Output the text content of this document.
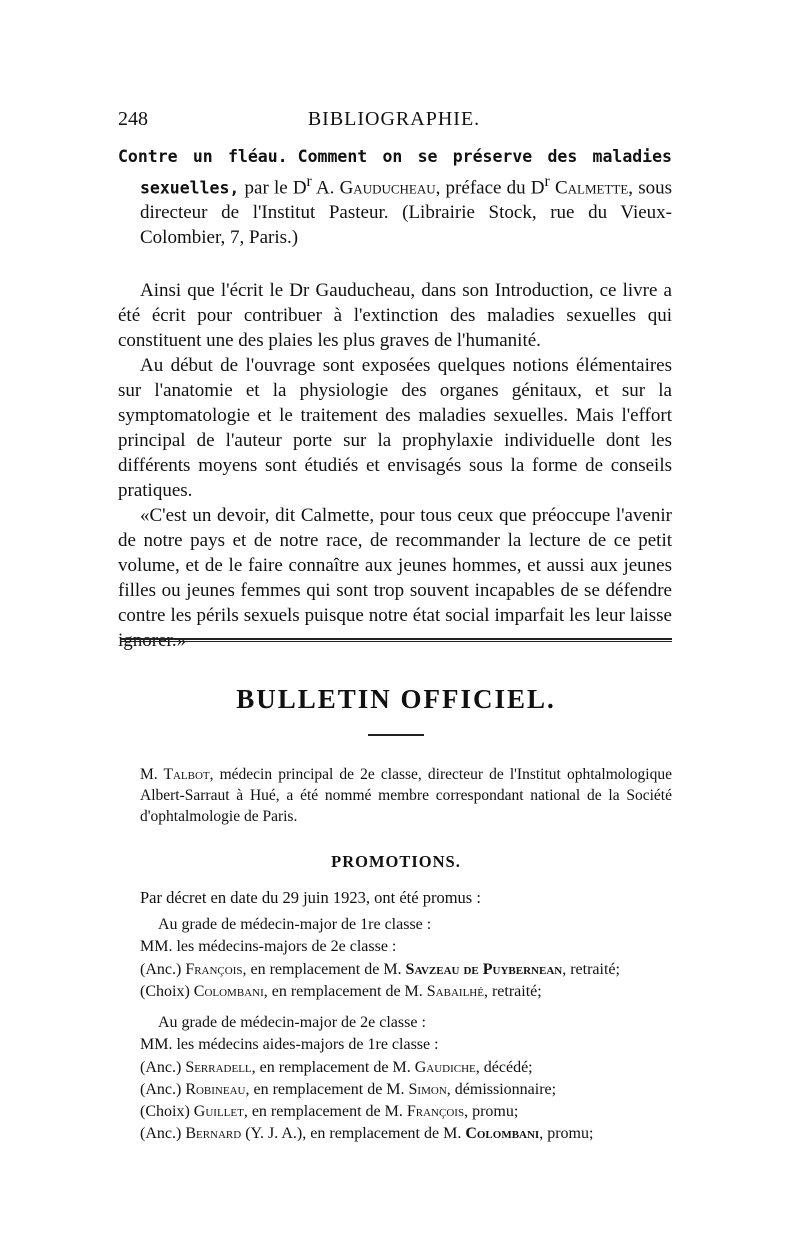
248	BIBLIOGRAPHIE.

Contre un fléau. Comment on se préserve des maladies sexuelles, par le $D^r$ A. Gauducheau, préface du $D^r$ Calmette, sous directeur de l'Institut Pasteur. (Librairie Stock, rue du Vieux-Colombier, 7, Paris.)

Ainsi que l'écrit le Dr Gauducheau, dans son Introduction, ce livre a été écrit pour contribuer à l'extinction des maladies sexuelles qui constituent une des plaies les plus graves de l'humanité.

Au début de l'ouvrage sont exposées quelques notions élémentaires sur l'anatomie et la physiologie des organes génitaux, et sur la symptomatologie et le traitement des maladies sexuelles. Mais l'effort principal de l'auteur porte sur la prophylaxie individuelle dont les différents moyens sont étudiés et envisagés sous la forme de conseils pratiques.

«C'est un devoir, dit Calmette, pour tous ceux que préoccupe l'avenir de notre pays et de notre race, de recommander la lecture de ce petit volume, et de le faire connaître aux jeunes hommes, et aussi aux jeunes filles ou jeunes femmes qui sont trop souvent incapables de se défendre contre les périls sexuels puisque notre état social imparfait les leur laisse ignorer.»

BULLETIN OFFICIEL.

M. Talbot, médecin principal de 2e classe, directeur de l'Institut ophtalmologique Albert-Sarraut à Hué, a été nommé membre correspondant national de la Société d'ophtalmologie de Paris.

PROMOTIONS.
Par décret en date du 29 juin 1923, ont été promus :

Au grade de médecin-major de 1re classe :

MM. les médecins-majors de 2e classe :

(Anc.) François, en remplacement de M. Savzeau de Puybernean, retraité;

(Choix) Colombani, en remplacement de M. Sabailhé, retraité;

Au grade de médecin-major de 2e classe :

MM. les médecins aides-majors de 1re classe :

(Anc.) Serradell, en remplacement de M. Gaudiche, décédé;

(Anc.) Robineau, en remplacement de M. Simon, démissionnaire;

(Choix) Guillet, en remplacement de M. François, promu;

(Anc.) Bernard (Y. J. A.), en remplacement de M. Colombani, promu;
